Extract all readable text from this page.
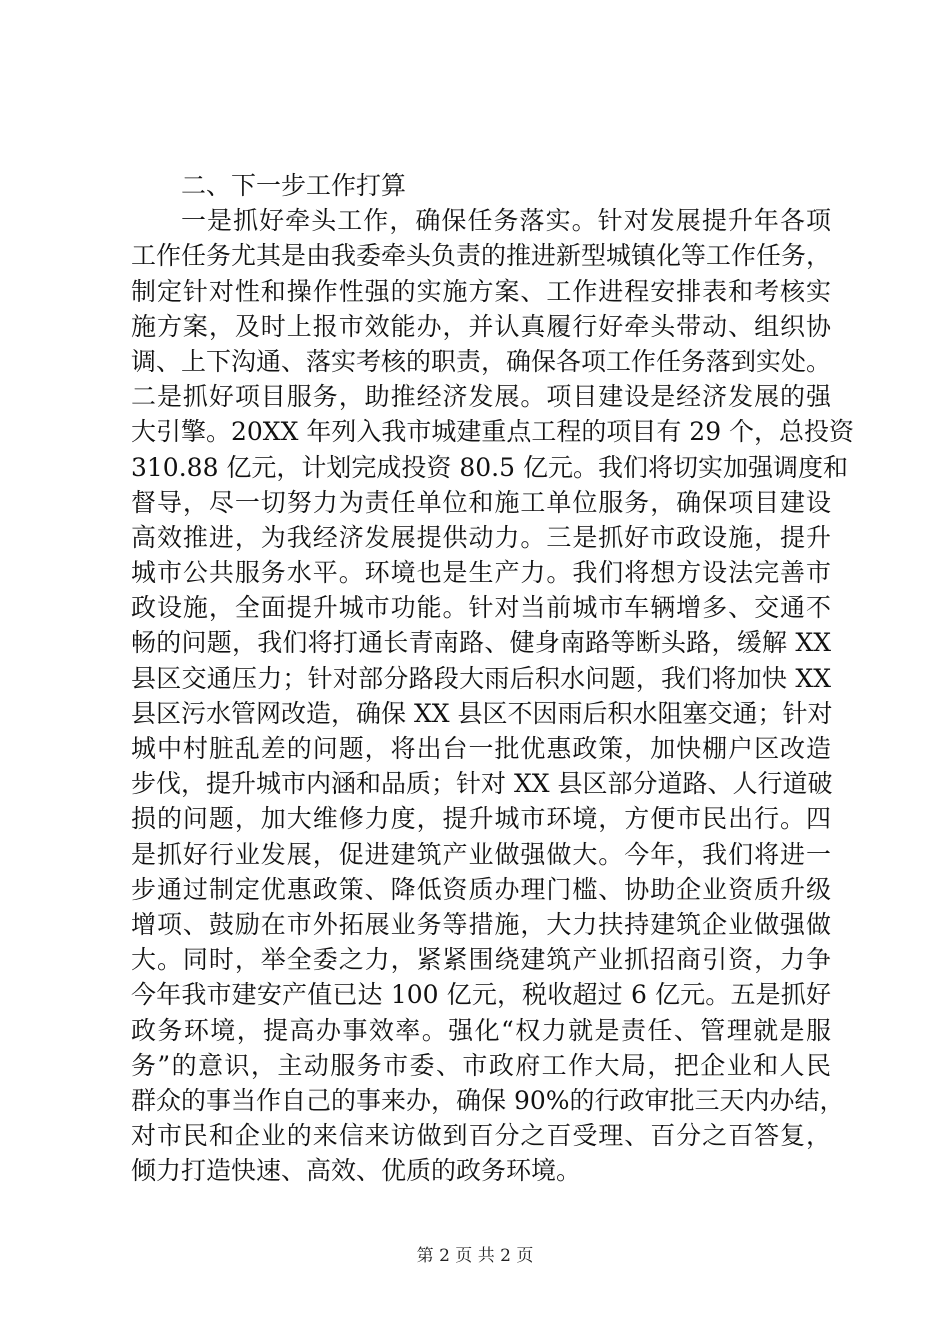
二、下一步工作打算
一是抓好牵头工作，确保任务落实。针对发展提升年各项
工作任务尤其是由我委牵头负责的推进新型城镇化等工作任务，
制定针对性和操作性强的实施方案、工作进程安排表和考核实
施方案，及时上报市效能办，并认真履行好牵头带动、组织协
调、上下沟通、落实考核的职责，确保各项工作任务落到实处。
二是抓好项目服务，助推经济发展。项目建设是经济发展的强
大引擎。20XX 年列入我市城建重点工程的项目有 29 个，总投资
310.88 亿元，计划完成投资 80.5 亿元。我们将切实加强调度和
督导，尽一切努力为责任单位和施工单位服务，确保项目建设
高效推进，为我经济发展提供动力。三是抓好市政设施，提升
城市公共服务水平。环境也是生产力。我们将想方设法完善市
政设施，全面提升城市功能。针对当前城市车辆增多、交通不
畅的问题，我们将打通长青南路、健身南路等断头路，缓解 XX
县区交通压力；针对部分路段大雨后积水问题，我们将加快 XX
县区污水管网改造，确保 XX 县区不因雨后积水阻塞交通；针对
城中村脏乱差的问题，将出台一批优惠政策，加快棚户区改造
步伐，提升城市内涵和品质；针对 XX 县区部分道路、人行道破
损的问题，加大维修力度，提升城市环境，方便市民出行。四
是抓好行业发展，促进建筑产业做强做大。今年，我们将进一
步通过制定优惠政策、降低资质办理门槛、协助企业资质升级
增项、鼓励在市外拓展业务等措施，大力扶持建筑企业做强做
大。同时，举全委之力，紧紧围绕建筑产业抓招商引资，力争
今年我市建安产值已达 100 亿元，税收超过 6 亿元。五是抓好
政务环境，提高办事效率。强化“权力就是责任、管理就是服
务”的意识，主动服务市委、市政府工作大局，把企业和人民
群众的事当作自己的事来办，确保 90%的行政审批三天内办结，
对市民和企业的来信来访做到百分之百受理、百分之百答复，
倾力打造快速、高效、优质的政务环境。
第 2 页 共 2 页
